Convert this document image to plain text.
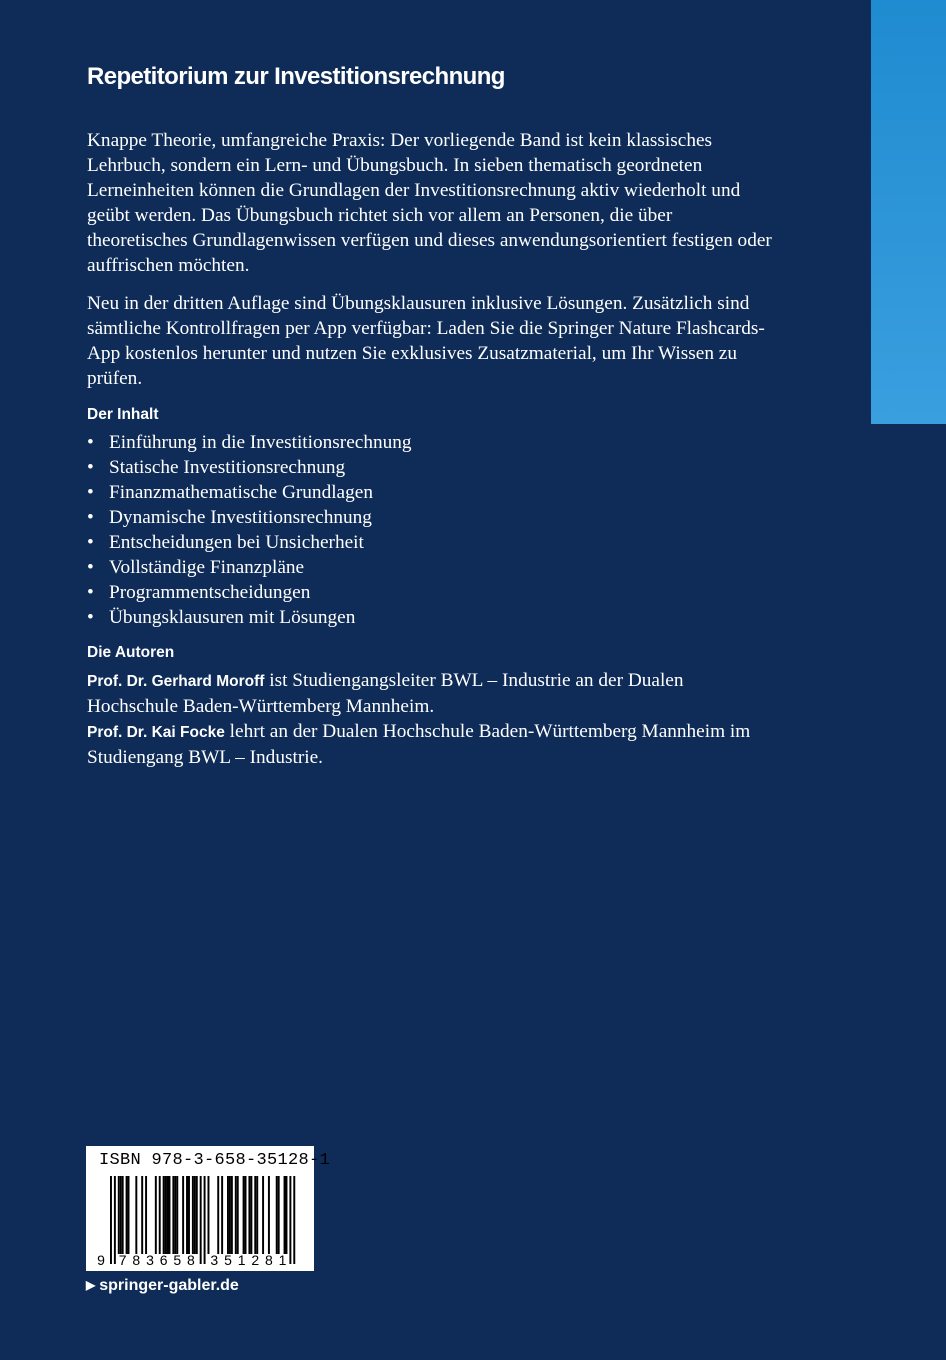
Repetitorium zur Investitionsrechnung

Knappe Theorie, umfangreiche Praxis: Der vorliegende Band ist kein klassisches Lehrbuch, sondern ein Lern- und Übungsbuch. In sieben thematisch geordneten Lerneinheiten können die Grundlagen der Investitionsrechnung aktiv wiederholt und geübt werden. Das Übungsbuch richtet sich vor allem an Personen, die über theoretisches Grundlagenwissen verfügen und dieses anwendungsorientiert festigen oder auffrischen möchten.

Neu in der dritten Auflage sind Übungsklausuren inklusive Lösungen. Zusätzlich sind sämtliche Kontrollfragen per App verfügbar: Laden Sie die Springer Nature Flashcards-App kostenlos herunter und nutzen Sie exklusives Zusatzmaterial, um Ihr Wissen zu prüfen.

Der Inhalt
• Einführung in die Investitionsrechnung
• Statische Investitionsrechnung
• Finanzmathematische Grundlagen
• Dynamische Investitionsrechnung
• Entscheidungen bei Unsicherheit
• Vollständige Finanzpläne
• Programmentscheidungen
• Übungsklausuren mit Lösungen
Die Autoren

Prof. Dr. Gerhard Moroff ist Studiengangsleiter BWL – Industrie an der Dualen Hochschule Baden-Württemberg Mannheim.

Prof. Dr. Kai Focke lehrt an der Dualen Hochschule Baden-Württemberg Mannheim im Studiengang BWL – Industrie.

ISBN 978-3-658-35128-1
9 7 8 3 6 5 8 3 5 1 2 8 1
▶ springer-gabler.de
